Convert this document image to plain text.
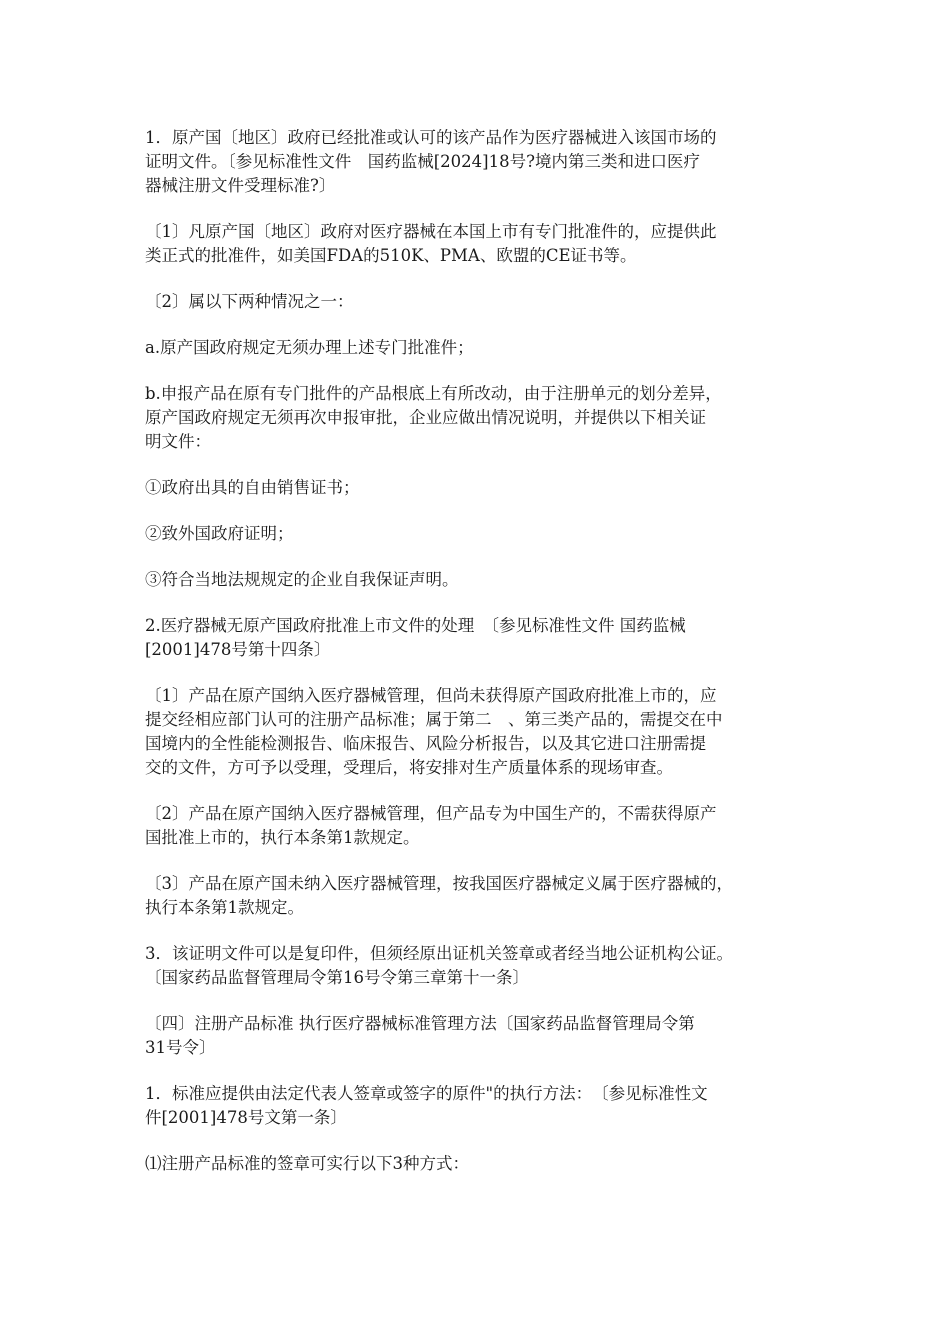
1．原产国〔地区〕政府已经批准或认可的该产品作为医疗器械进入该国市场的
证明文件。〔参见标准性文件　国药监械[2024]18号?境内第三类和进口医疗
器械注册文件受理标准?〕

〔1〕凡原产国〔地区〕政府对医疗器械在本国上市有专门批准件的，应提供此
类正式的批准件，如美国FDA的510K、PMA、欧盟的CE证书等。

〔2〕属以下两种情况之一：

a.原产国政府规定无须办理上述专门批准件；

b.申报产品在原有专门批件的产品根底上有所改动，由于注册单元的划分差异，
原产国政府规定无须再次申报审批，企业应做出情况说明，并提供以下相关证
明文件：

①政府出具的自由销售证书；

②致外国政府证明；

③符合当地法规规定的企业自我保证声明。

2.医疗器械无原产国政府批准上市文件的处理　〔参见标准性文件 国药监械
[2001]478号第十四条〕

〔1〕产品在原产国纳入医疗器械管理，但尚未获得原产国政府批准上市的，应
提交经相应部门认可的注册产品标准；属于第二　、第三类产品的，需提交在中
国境内的全性能检测报告、临床报告、风险分析报告，以及其它进口注册需提
交的文件，方可予以受理，受理后，将安排对生产质量体系的现场审查。

〔2〕产品在原产国纳入医疗器械管理，但产品专为中国生产的，不需获得原产
国批准上市的，执行本条第1款规定。

〔3〕产品在原产国未纳入医疗器械管理，按我国医疗器械定义属于医疗器械的，
执行本条第1款规定。

3．该证明文件可以是复印件，但须经原出证机关签章或者经当地公证机构公证。
〔国家药品监督管理局令第16号令第三章第十一条〕

〔四〕注册产品标准 执行医疗器械标准管理方法〔国家药品监督管理局令第
31号令〕

1．标准应提供由法定代表人签章或签字的原件"的执行方法：　〔参见标准性文
件[2001]478号文第一条〕

⑴注册产品标准的签章可实行以下3种方式：
